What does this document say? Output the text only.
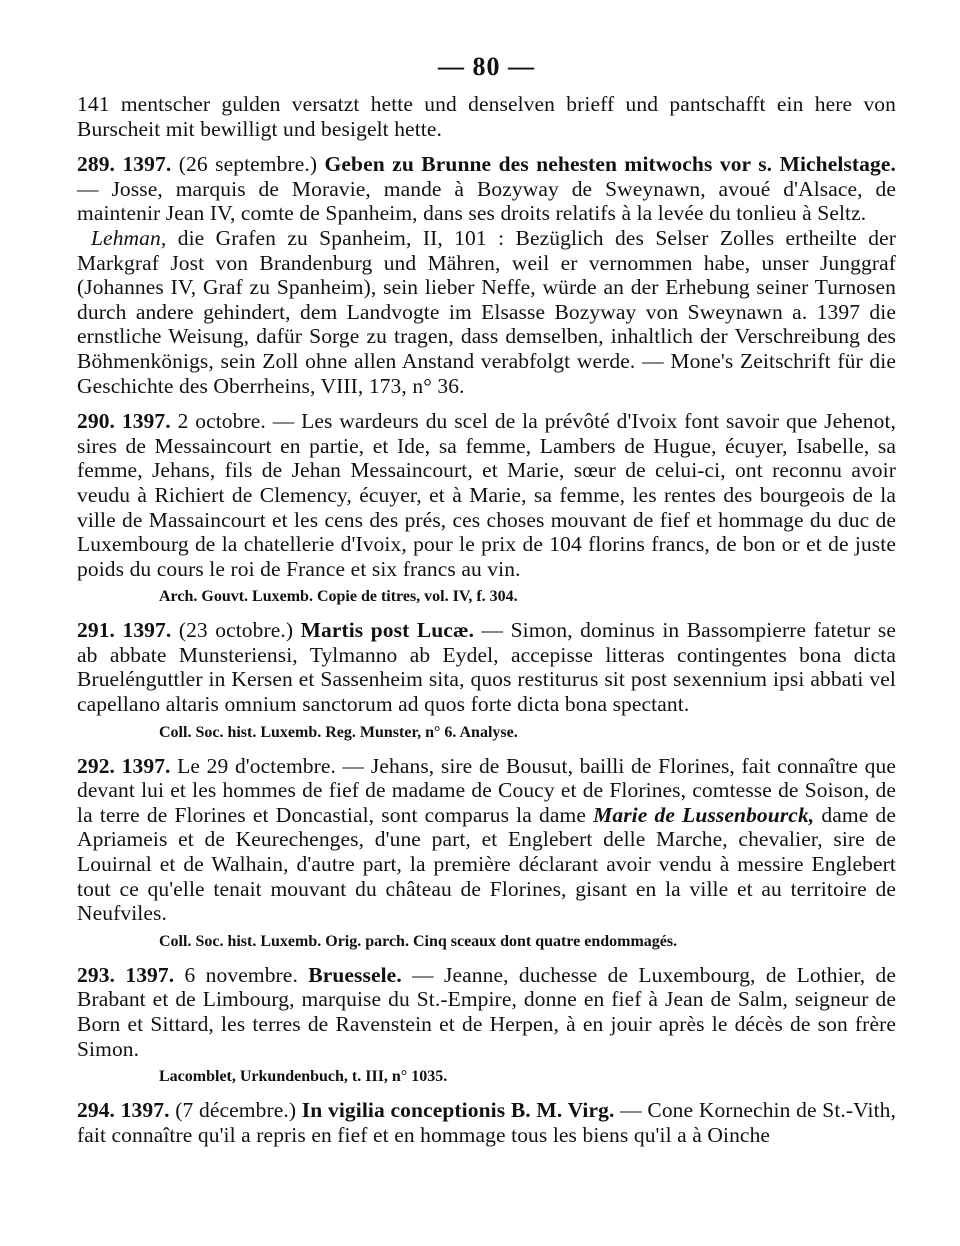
— 80 —

141 mentscher gulden versatzt hette und denselven brieff und pantschafft ein here von Burscheit mit bewilligt und besigelt hette.

289. 1397. (26 septembre.) Geben zu Brunne des nehesten mitwochs vor s. Michelstage. — Josse, marquis de Moravie, mande à Bozyway de Sweynawn, avoué d'Alsace, de maintenir Jean IV, comte de Spanheim, dans ses droits relatifs à la levée du tonlieu à Seltz.

Lehman, die Grafen zu Spanheim, II, 101 : Bezüglich des Selser Zolles ertheilte der Markgraf Jost von Brandenburg und Mähren, weil er vernommen habe, unser Junggraf (Johannes IV, Graf zu Spanheim), sein lieber Neffe, würde an der Erhebung seiner Turnosen durch andere gehindert, dem Landvogte im Elsasse Bozyway von Sweynawn a. 1397 die ernstliche Weisung, dafür Sorge zu tragen, dass demselben, inhaltlich der Verschreibung des Böhmenkönigs, sein Zoll ohne allen Anstand verabfolgt werde. — Mone's Zeitschrift für die Geschichte des Oberrheins, VIII, 173, n° 36.

290. 1397. 2 octobre. — Les wardeurs du scel de la prévôté d'Ivoix font savoir que Jehenot, sires de Messaincourt en partie, et Ide, sa femme, Lambers de Hugue, écuyer, Isabelle, sa femme, Jehans, fils de Jehan Messaincourt, et Marie, sœur de celui-ci, ont reconnu avoir veudu à Richiert de Clemency, écuyer, et à Marie, sa femme, les rentes des bourgeois de la ville de Massaincourt et les cens des prés, ces choses mouvant de fief et hommage du duc de Luxembourg de la chatellerie d'Ivoix, pour le prix de 104 florins francs, de bon or et de juste poids du cours le roi de France et six francs au vin.

Arch. Gouvt. Luxemb. Copie de titres, vol. IV, f. 304.

291. 1397. (23 octobre.) Martis post Lucæ. — Simon, dominus in Bassompierre fatetur se ab abbate Munsteriensi, Tylmanno ab Eydel, accepisse litteras contingentes bona dicta Bruelénguttler in Kersen et Sassenheim sita, quos restiturus sit post sexennium ipsi abbati vel capellano altaris omnium sanctorum ad quos forte dicta bona spectant.

Coll. Soc. hist. Luxemb. Reg. Munster, n° 6. Analyse.

292. 1397. Le 29 d'octembre. — Jehans, sire de Bousut, bailli de Florines, fait connaître que devant lui et les hommes de fief de madame de Coucy et de Florines, comtesse de Soison, de la terre de Florines et Doncastial, sont comparus la dame Marie de Lussenbourck, dame de Apriameis et de Keurechenges, d'une part, et Englebert delle Marche, chevalier, sire de Louirnal et de Walhain, d'autre part, la première déclarant avoir vendu à messire Englebert tout ce qu'elle tenait mouvant du château de Florines, gisant en la ville et au territoire de Neufviles.

Coll. Soc. hist. Luxemb. Orig. parch. Cinq sceaux dont quatre endommagés.

293. 1397. 6 novembre. Bruessele. — Jeanne, duchesse de Luxembourg, de Lothier, de Brabant et de Limbourg, marquise du St.-Empire, donne en fief à Jean de Salm, seigneur de Born et Sittard, les terres de Ravenstein et de Herpen, à en jouir après le décès de son frère Simon.

Lacomblet, Urkundenbuch, t. III, n° 1035.

294. 1397. (7 décembre.) In vigilia conceptionis B. M. Virg. — Cone Kornechin de St.-Vith, fait connaître qu'il a repris en fief et en hommage tous les biens qu'il a à Oinche
